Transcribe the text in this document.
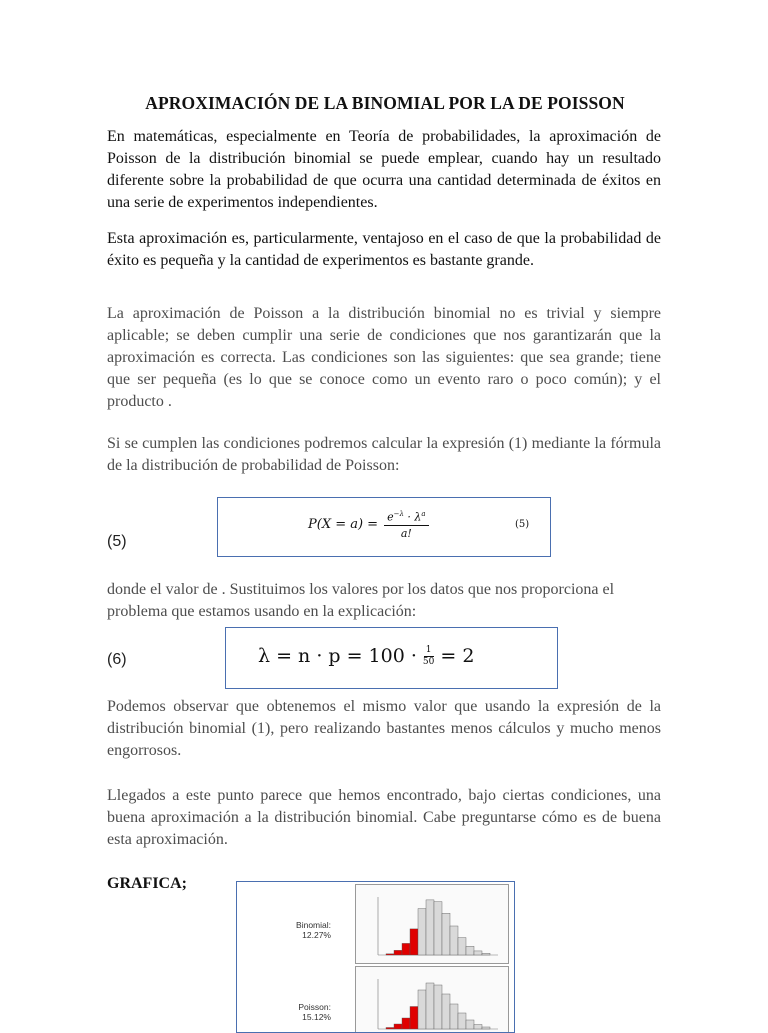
APROXIMACIÓN DE LA BINOMIAL POR LA DE POISSON

En matemáticas, especialmente en Teoría de probabilidades, la aproximación de Poisson de la distribución binomial se puede emplear, cuando hay un resultado diferente sobre la probabilidad de que ocurra una cantidad determinada de éxitos en una serie de experimentos independientes.

Esta aproximación es, particularmente, ventajoso en el caso de que la probabilidad de éxito es pequeña y la cantidad de experimentos es bastante grande.

La aproximación de Poisson a la distribución binomial no es trivial y siempre aplicable; se deben cumplir una serie de condiciones que nos garantizarán que la aproximación es correcta. Las condiciones son las siguientes: que sea grande; tiene que ser pequeña (es lo que se conoce como un evento raro o poco común); y el producto .

Si se cumplen las condiciones podremos calcular la expresión (1) mediante la fórmula de la distribución de probabilidad de Poisson:

(5)
$P(X = a) = \frac{e^{-\lambda} \cdot \lambda^a}{a!}$	(5)

donde el valor de . Sustituimos los valores por los datos que nos proporciona el problema que estamos usando en la explicación:

(6)	$\lambda = n \cdot p = 100 \cdot \frac{1}{50} = 2$

Podemos observar que obtenemos el mismo valor que usando la expresión de la distribución binomial (1), pero realizando bastantes menos cálculos y mucho menos engorrosos.

Llegados a este punto parece que hemos encontrado, bajo ciertas condiciones, una buena aproximación a la distribución binomial. Cabe preguntarse cómo es de buena esta aproximación.

GRAFICA;
Binomial:
12.27%
Poisson:
15.12%
